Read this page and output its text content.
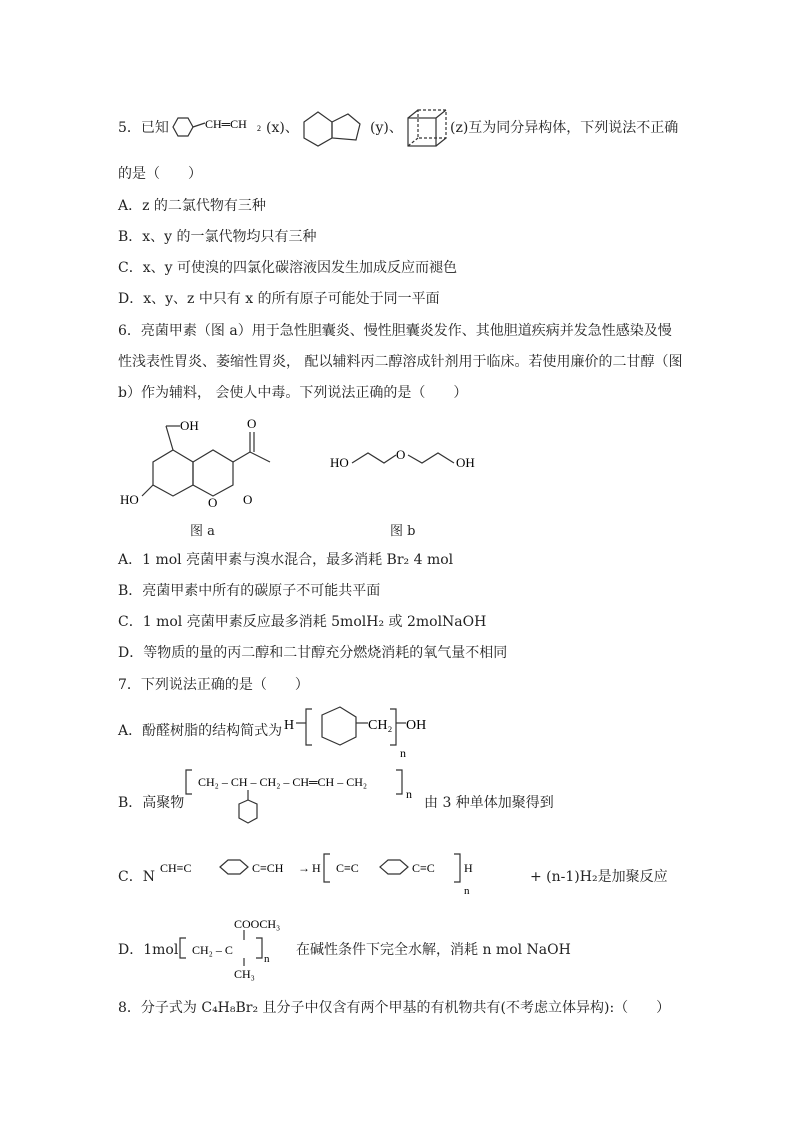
5．已知	CH═CH 2 (x)、	(y)、	(z)互为同分异构体，下列说法不正确
的是（　　）
A．z 的二氯代物有三种
B．x、y 的一氯代物均只有三种
C．x、y 可使溴的四氯化碳溶液因发生加成反应而褪色
D．x、y、z 中只有 x 的所有原子可能处于同一平面
6．亮菌甲素（图 a）用于急性胆囊炎、慢性胆囊炎发作、其他胆道疾病并发急性感染及慢
性浅表性胃炎、萎缩性胃炎， 配以辅料丙二醇溶成针剂用于临床。若使用廉价的二甘醇（图
b）作为辅料， 会使人中毒。下列说法正确的是（　　）
OH	O
HO	O O
HO
O
OH
图 a	图 b
A．1 mol 亮菌甲素与溴水混合，最多消耗 Br₂ 4 mol
B．亮菌甲素中所有的碳原子不可能共平面
C．1 mol 亮菌甲素反应最多消耗 5molH₂ 或 2molNaOH
D．等物质的量的丙二醇和二甘醇充分燃烧消耗的氧气量不相同
7．下列说法正确的是（　　）
A．酚醛树脂的结构简式为 H	CH₂ OH
n
B．高聚物
CH₂ ‒ CH ‒ CH₂ ‒ CH═CH ‒ CH₂
n
由 3 种单体加聚得到
C．N
CH≡C	C≡CH → H C≡C	C≡C H
n
+ (n-1)H₂是加聚反应
D．1mol
COOCH₃
CH₂ ‒ C
n
CH₃
在碱性条件下完全水解，消耗 n mol NaOH
8．分子式为 C₄H₈Br₂ 且分子中仅含有两个甲基的有机物共有(不考虑立体异构):（　　）
